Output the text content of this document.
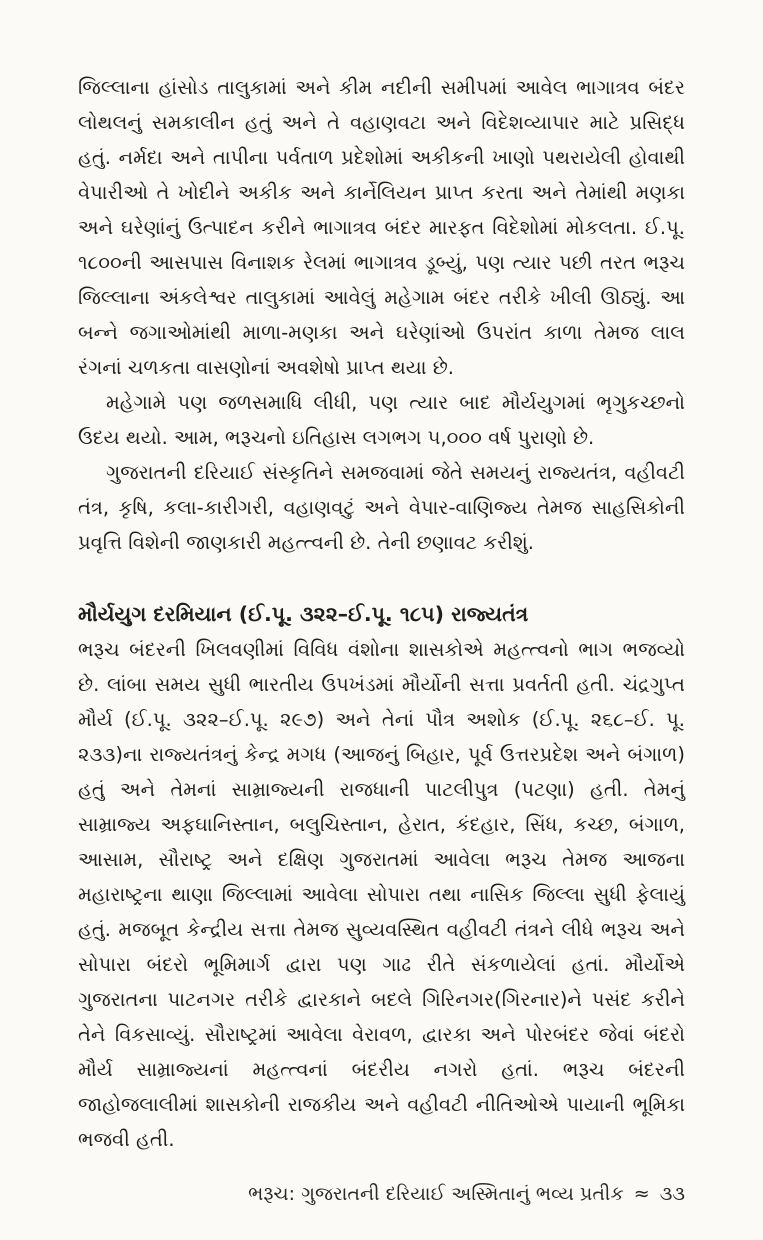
જિલ્લાના હાંસોડ તાલુકામાં અને કીમ નદીની સમીપમાં આવેલ ભાગાત્રવ બંદર લોથલનું સમકાલીન હતું અને તે વહાણવટા અને વિદેશવ્યાપાર માટે પ્રસિદ્ધ હતું. નર્મદા અને તાપીના પર્વતાળ પ્રદેશોમાં અકીકની ખાણો પથરાયેલી હોવાથી વેપારીઓ તે ખોદીને અકીક અને કાર્નેલિયન પ્રાપ્ત કરતા અને તેમાંથી મણકા અને ઘરેણાંનું ઉત્પાદન કરીને ભાગાત્રવ બંદર મારફત વિદેશોમાં મોકલતા. ઈ.પૂ. ૧૮૦૦ની આસપાસ વિનાશક રેલમાં ભાગાત્રવ ડૂબ્યું, પણ ત્યાર પછી તરત ભરૂચ જિલ્લાના અંકલેશ્વર તાલુકામાં આવેલું મહેગામ બંદર તરીકે ખીલી ઊઠ્યું. આ બન્ને જગાઓમાંથી માળા-મણકા અને ઘરેણાંઓ ઉપરાંત કાળા તેમજ લાલ રંગનાં ચળકતા વાસણોનાં અવશેષો પ્રાપ્ત થયા છે.

મહેગામે પણ જળસમાધિ લીધી, પણ ત્યાર બાદ મૌર્યયુગમાં ભૃગુકચ્છનો ઉદય થયો. આમ, ભરૂચનો ઇતિહાસ લગભગ ૫,૦૦૦ વર્ષ પુરાણો છે.

ગુજરાતની દરિયાઈ સંસ્કૃતિને સમજવામાં જેતે સમયનું રાજ્યતંત્ર, વહીવટી તંત્ર, કૃષિ, કલા-કારીગરી, વહાણવટું અને વેપાર-વાણિજ્ય તેમજ સાહસિકોની પ્રવૃત્તિ વિશેની જાણકારી મહત્ત્વની છે. તેની છણાવટ કરીશું.

મૌર્યયુગ દરમિયાન (ઈ.પૂ. ૩૨૨–ઈ.પૂ. ૧૮૫) રાજ્યતંત્ર

ભરૂચ બંદરની ખિલવણીમાં વિવિધ વંશોના શાસકોએ મહત્ત્વનો ભાગ ભજવ્યો છે. લાંબા સમય સુધી ભારતીય ઉપખંડમાં મૌર્યોની સત્તા પ્રવર્તતી હતી. ચંદ્રગુપ્ત મૌર્ય (ઈ.પૂ. ૩૨૨–ઈ.પૂ. ૨૯૭) અને તેનાં પૌત્ર અશોક (ઈ.પૂ. ૨૬૮–ઈ. પૂ. ૨૩૩)ના રાજ્યતંત્રનું કેન્દ્ર મગધ (આજનું બિહાર, પૂર્વ ઉત્તરપ્રદેશ અને બંગાળ) હતું અને તેમનાં સામ્રાજ્યની રાજધાની પાટલીપુત્ર (પટણા) હતી. તેમનું સામ્રાજ્ય અફઘાનિસ્તાન, બલુચિસ્તાન, હેરાત, કંદહાર, સિંધ, કચ્છ, બંગાળ, આસામ, સૌરાષ્ટ્ર અને દક્ષિણ ગુજરાતમાં આવેલા ભરૂચ તેમજ આજના મહારાષ્ટ્રના થાણા જિલ્લામાં આવેલા સોપારા તથા નાસિક જિલ્લા સુધી ફેલાયું હતું. મજબૂત કેન્દ્રીય સત્તા તેમજ સુવ્યવસ્થિત વહીવટી તંત્રને લીધે ભરૂચ અને સોપારા બંદરો ભૂમિમાર્ગ દ્વારા પણ ગાઢ રીતે સંકળાયેલાં હતાં. મૌર્યોએ ગુજરાતના પાટનગર તરીકે દ્વારકાને બદલે ગિરિનગર(ગિરનાર)ને પસંદ કરીને તેને વિકસાવ્યું. સૌરાષ્ટ્રમાં આવેલા વેરાવળ, દ્વારકા અને પોરબંદર જેવાં બંદરો મૌર્ય સામ્રાજ્યનાં મહત્ત્વનાં બંદરીય નગરો હતાં. ભરૂચ બંદરની જાહોજલાલીમાં શાસકોની રાજકીય અને વહીવટી નીતિઓએ પાયાની ભૂમિકા ભજવી હતી.

ભરૂચ: ગુજરાતની દરિયાઈ અસ્મિતાનું ભવ્ય પ્રતીક ≈ ૩૩
